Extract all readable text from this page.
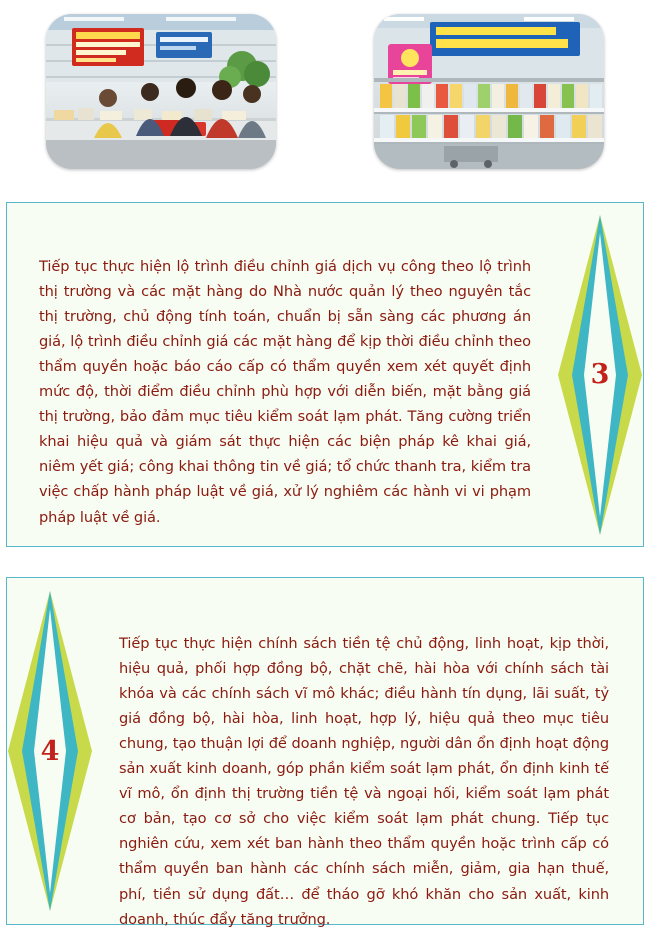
Tiếp tục thực hiện lộ trình điều chỉnh giá dịch vụ công theo lộ trình thị trường và các mặt hàng do Nhà nước quản lý theo nguyên tắc thị trường, chủ động tính toán, chuẩn bị sẵn sàng các phương án giá, lộ trình điều chỉnh giá các mặt hàng để kịp thời điều chỉnh theo thẩm quyền hoặc báo cáo cấp có thẩm quyền xem xét quyết định mức độ, thời điểm điều chỉnh phù hợp với diễn biến, mặt bằng giá thị trường, bảo đảm mục tiêu kiểm soát lạm phát. Tăng cường triển khai hiệu quả và giám sát thực hiện các biện pháp kê khai giá, niêm yết giá; công khai thông tin về giá; tổ chức thanh tra, kiểm tra việc chấp hành pháp luật về giá, xử lý nghiêm các hành vi vi phạm pháp luật về giá.

3
4

Tiếp tục thực hiện chính sách tiền tệ chủ động, linh hoạt, kịp thời, hiệu quả, phối hợp đồng bộ, chặt chẽ, hài hòa với chính sách tài khóa và các chính sách vĩ mô khác; điều hành tín dụng, lãi suất, tỷ giá đồng bộ, hài hòa, linh hoạt, hợp lý, hiệu quả theo mục tiêu chung, tạo thuận lợi để doanh nghiệp, người dân ổn định hoạt động sản xuất kinh doanh, góp phần kiểm soát lạm phát, ổn định kinh tế vĩ mô, ổn định thị trường tiền tệ và ngoại hối, kiểm soát lạm phát cơ bản, tạo cơ sở cho việc kiểm soát lạm phát chung. Tiếp tục nghiên cứu, xem xét ban hành theo thẩm quyền hoặc trình cấp có thẩm quyền ban hành các chính sách miễn, giảm, gia hạn thuế, phí, tiền sử dụng đất… để tháo gỡ khó khăn cho sản xuất, kinh doanh, thúc đẩy tăng trưởng.
